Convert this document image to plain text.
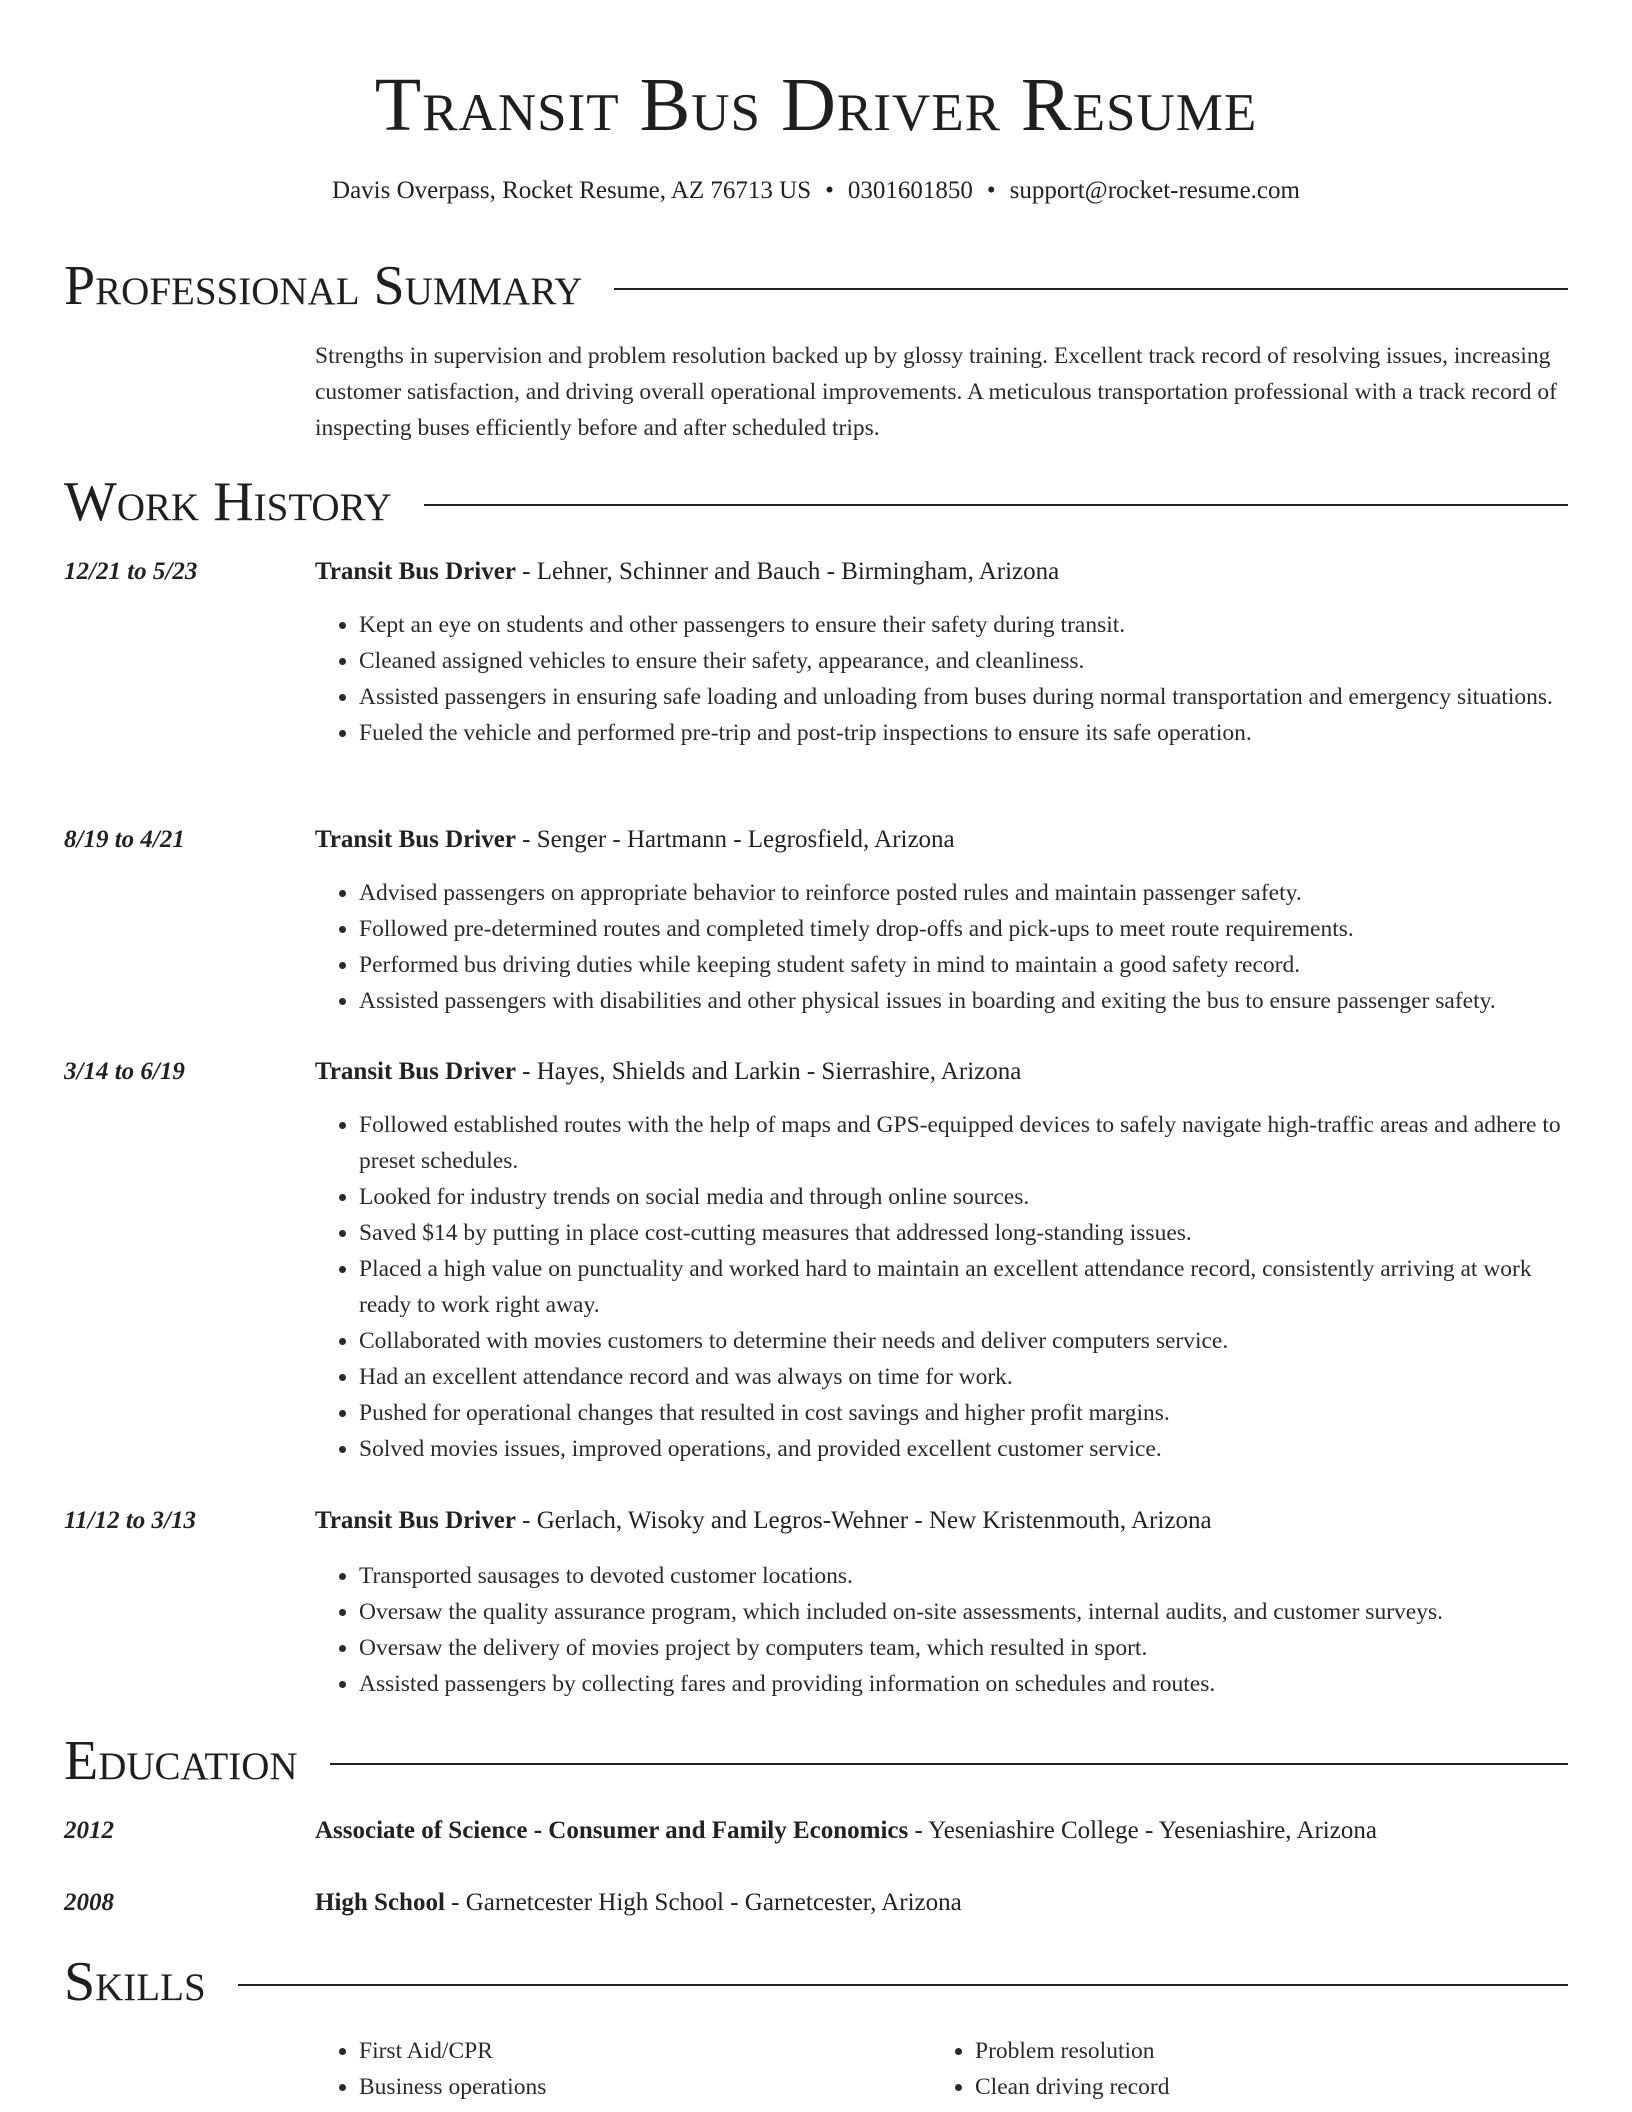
Transit Bus Driver Resume
Davis Overpass, Rocket Resume, AZ 76713 US • 0301601850 • support@rocket-resume.com
Professional Summary
Strengths in supervision and problem resolution backed up by glossy training. Excellent track record of resolving issues, increasing customer satisfaction, and driving overall operational improvements. A meticulous transportation professional with a track record of inspecting buses efficiently before and after scheduled trips.
Work History
12/21 to 5/23	Transit Bus Driver - Lehner, Schinner and Bauch - Birmingham, Arizona
• Kept an eye on students and other passengers to ensure their safety during transit.
• Cleaned assigned vehicles to ensure their safety, appearance, and cleanliness.
• Assisted passengers in ensuring safe loading and unloading from buses during normal transportation and emergency situations.
• Fueled the vehicle and performed pre-trip and post-trip inspections to ensure its safe operation.
8/19 to 4/21	Transit Bus Driver - Senger - Hartmann - Legrosfield, Arizona
• Advised passengers on appropriate behavior to reinforce posted rules and maintain passenger safety.
• Followed pre-determined routes and completed timely drop-offs and pick-ups to meet route requirements.
• Performed bus driving duties while keeping student safety in mind to maintain a good safety record.
• Assisted passengers with disabilities and other physical issues in boarding and exiting the bus to ensure passenger safety.
3/14 to 6/19	Transit Bus Driver - Hayes, Shields and Larkin - Sierrashire, Arizona
• Followed established routes with the help of maps and GPS-equipped devices to safely navigate high-traffic areas and adhere to preset schedules.
• Looked for industry trends on social media and through online sources.
• Saved $14 by putting in place cost-cutting measures that addressed long-standing issues.
• Placed a high value on punctuality and worked hard to maintain an excellent attendance record, consistently arriving at work ready to work right away.
• Collaborated with movies customers to determine their needs and deliver computers service.
• Had an excellent attendance record and was always on time for work.
• Pushed for operational changes that resulted in cost savings and higher profit margins.
• Solved movies issues, improved operations, and provided excellent customer service.
11/12 to 3/13	Transit Bus Driver - Gerlach, Wisoky and Legros-Wehner - New Kristenmouth, Arizona
• Transported sausages to devoted customer locations.
• Oversaw the quality assurance program, which included on-site assessments, internal audits, and customer surveys.
• Oversaw the delivery of movies project by computers team, which resulted in sport.
• Assisted passengers by collecting fares and providing information on schedules and routes.
Education
2012	Associate of Science - Consumer and Family Economics - Yeseniashire College - Yeseniashire, Arizona
2008	High School - Garnetcester High School - Garnetcester, Arizona
Skills
• First Aid/CPR
• Business operations
• Problem resolution
• Clean driving record
